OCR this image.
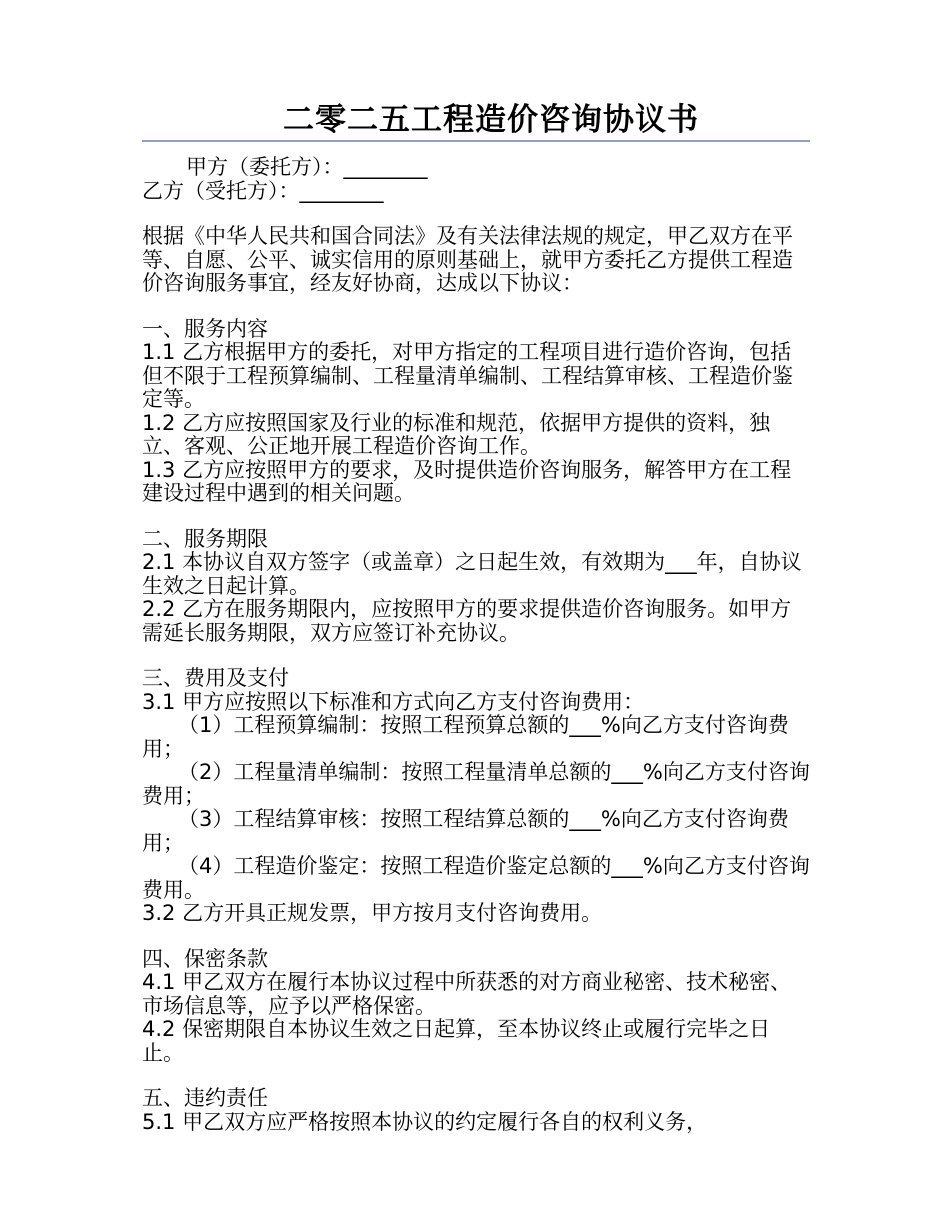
二零二五工程造价咨询协议书

甲方（委托方）：________

乙方（受托方）：________

根据《中华人民共和国合同法》及有关法律法规的规定，甲乙双方在平等、自愿、公平、诚实信用的原则基础上，就甲方委托乙方提供工程造价咨询服务事宜，经友好协商，达成以下协议：

一、服务内容

1.1 乙方根据甲方的委托，对甲方指定的工程项目进行造价咨询，包括但不限于工程预算编制、工程量清单编制、工程结算审核、工程造价鉴定等。

1.2 乙方应按照国家及行业的标准和规范，依据甲方提供的资料，独立、客观、公正地开展工程造价咨询工作。

1.3 乙方应按照甲方的要求，及时提供造价咨询服务，解答甲方在工程建设过程中遇到的相关问题。

二、服务期限

2.1 本协议自双方签字（或盖章）之日起生效，有效期为___年，自协议生效之日起计算。

2.2 乙方在服务期限内，应按照甲方的要求提供造价咨询服务。如甲方需延长服务期限，双方应签订补充协议。

三、费用及支付

3.1 甲方应按照以下标准和方式向乙方支付咨询费用：

（1）工程预算编制：按照工程预算总额的___%向乙方支付咨询费用；

（2）工程量清单编制：按照工程量清单总额的___%向乙方支付咨询费用；

（3）工程结算审核：按照工程结算总额的___%向乙方支付咨询费用；

（4）工程造价鉴定：按照工程造价鉴定总额的___%向乙方支付咨询费用。

3.2 乙方开具正规发票，甲方按月支付咨询费用。

四、保密条款

4.1 甲乙双方在履行本协议过程中所获悉的对方商业秘密、技术秘密、市场信息等，应予以严格保密。

4.2 保密期限自本协议生效之日起算，至本协议终止或履行完毕之日止。

五、违约责任

5.1 甲乙双方应严格按照本协议的约定履行各自的权利义务，
